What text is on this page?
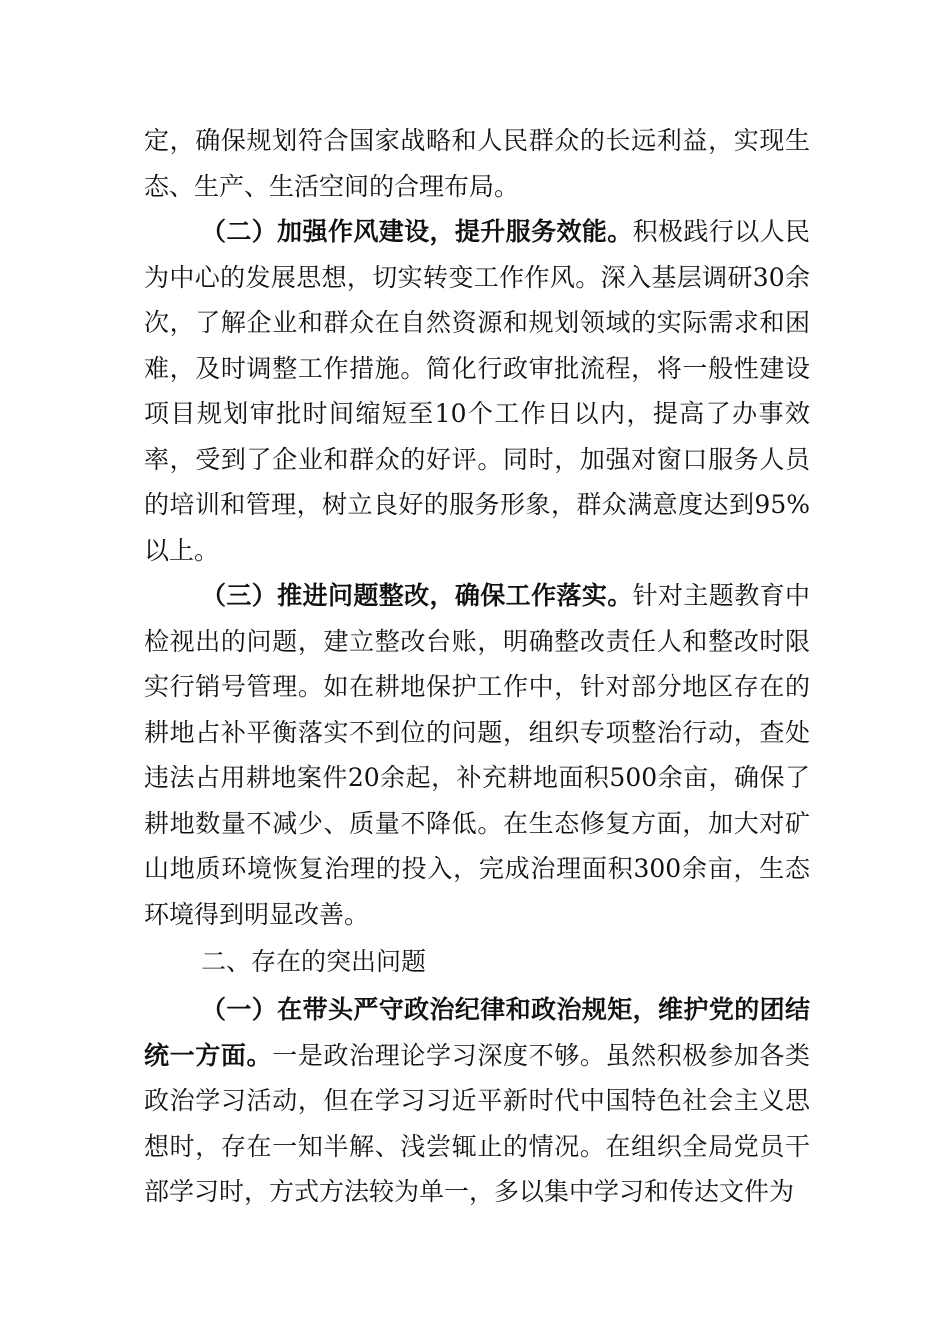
定，确保规划符合国家战略和人民群众的长远利益，实现生态、生产、生活空间的合理布局。

（二）加强作风建设，提升服务效能。积极践行以人民为中心的发展思想，切实转变工作作风。深入基层调研30余次，了解企业和群众在自然资源和规划领域的实际需求和困难，及时调整工作措施。简化行政审批流程，将一般性建设项目规划审批时间缩短至10个工作日以内，提高了办事效率，受到了企业和群众的好评。同时，加强对窗口服务人员的培训和管理，树立良好的服务形象，群众满意度达到95%以上。

（三）推进问题整改，确保工作落实。针对主题教育中检视出的问题，建立整改台账，明确整改责任人和整改时限实行销号管理。如在耕地保护工作中，针对部分地区存在的耕地占补平衡落实不到位的问题，组织专项整治行动，查处违法占用耕地案件20余起，补充耕地面积500余亩，确保了耕地数量不减少、质量不降低。在生态修复方面，加大对矿山地质环境恢复治理的投入，完成治理面积300余亩，生态环境得到明显改善。

二、存在的突出问题

（一）在带头严守政治纪律和政治规矩，维护党的团结统一方面。一是政治理论学习深度不够。虽然积极参加各类政治学习活动，但在学习习近平新时代中国特色社会主义思想时，存在一知半解、浅尝辄止的情况。在组织全局党员干部学习时，方式方法较为单一，多以集中学习和传达文件为
